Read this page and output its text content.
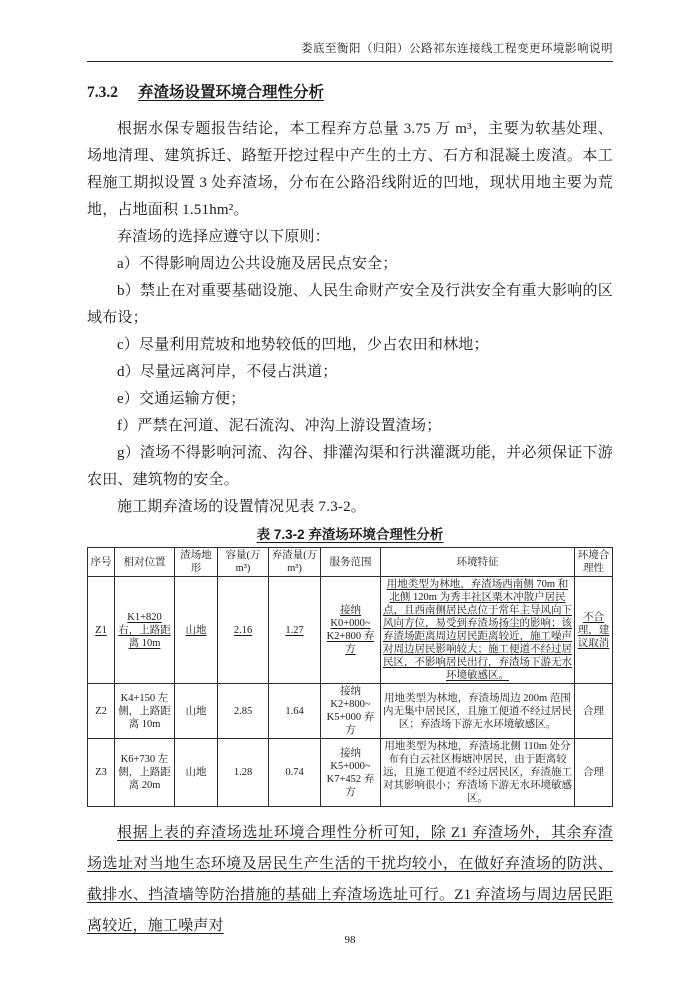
娄底至衡阳（归阳）公路祁东连接线工程变更环境影响说明
7.3.2 弃渣场设置环境合理性分析

根据水保专题报告结论，本工程弃方总量 3.75 万 m³，主要为软基处理、场地清理、建筑拆迁、路堑开挖过程中产生的土方、石方和混凝土废渣。本工程施工期拟设置 3 处弃渣场，分布在公路沿线附近的凹地，现状用地主要为荒地，占地面积 1.51hm²。

弃渣场的选择应遵守以下原则：

a）不得影响周边公共设施及居民点安全；

b）禁止在对重要基础设施、人民生命财产安全及行洪安全有重大影响的区域布设；

c）尽量利用荒坡和地势较低的凹地，少占农田和林地；

d）尽量远离河岸，不侵占洪道；

e）交通运输方便；

f）严禁在河道、泥石流沟、冲沟上游设置渣场；

g）渣场不得影响河流、沟谷、排灌沟渠和行洪灌溉功能，并必须保证下游农田、建筑物的安全。

施工期弃渣场的设置情况见表 7.3-2。

表 7.3-2 弃渣场环境合理性分析
序号	相对位置	渣场地形	容量(万m³)	弃渣量(万 m³)	服务范围	环境特征	环境合理性
Z1	K1+820 右，上路距离 10m	山地	2.16	1.27	接纳 K0+000~ K2+800 弃方	用地类型为林地，弃渣场西南侧 70m 和北侧 120m 为秀丰社区栗木冲散户居民点，且西南侧居民点位于常年主导风向下风向方位，易受到弃渣场扬尘的影响；该弃渣场距离周边居民距离较近，施工噪声对周边居民影响较大；施工便道不经过居民区，不影响居民出行，弃渣场下游无水环境敏感区。	不合理，建议取消
Z2	K4+150 左侧，上路距离 10m	山地	2.85	1.64	接纳 K2+800~ K5+000 弃方	用地类型为林地，弃渣场周边 200m 范围内无集中居民区，且施工便道不经过居民区；弃渣场下游无水环境敏感区。	合理
Z3	K6+730 左侧，上路距离 20m	山地	1.28	0.74	接纳 K5+000~ K7+452 弃方	用地类型为林地，弃渣场北侧 110m 处分布有白云社区梅塘冲居民，由于距离较远，且施工便道不经过居民区，弃渣施工对其影响很小；弃渣场下游无水环境敏感区。	合理

根据上表的弃渣场选址环境合理性分析可知，除 Z1 弃渣场外，其余弃渣场选址对当地生态环境及居民生产生活的干扰均较小，在做好弃渣场的防洪、截排水、挡渣墙等防治措施的基础上弃渣场选址可行。Z1 弃渣场与周边居民距离较近，施工噪声对

98
